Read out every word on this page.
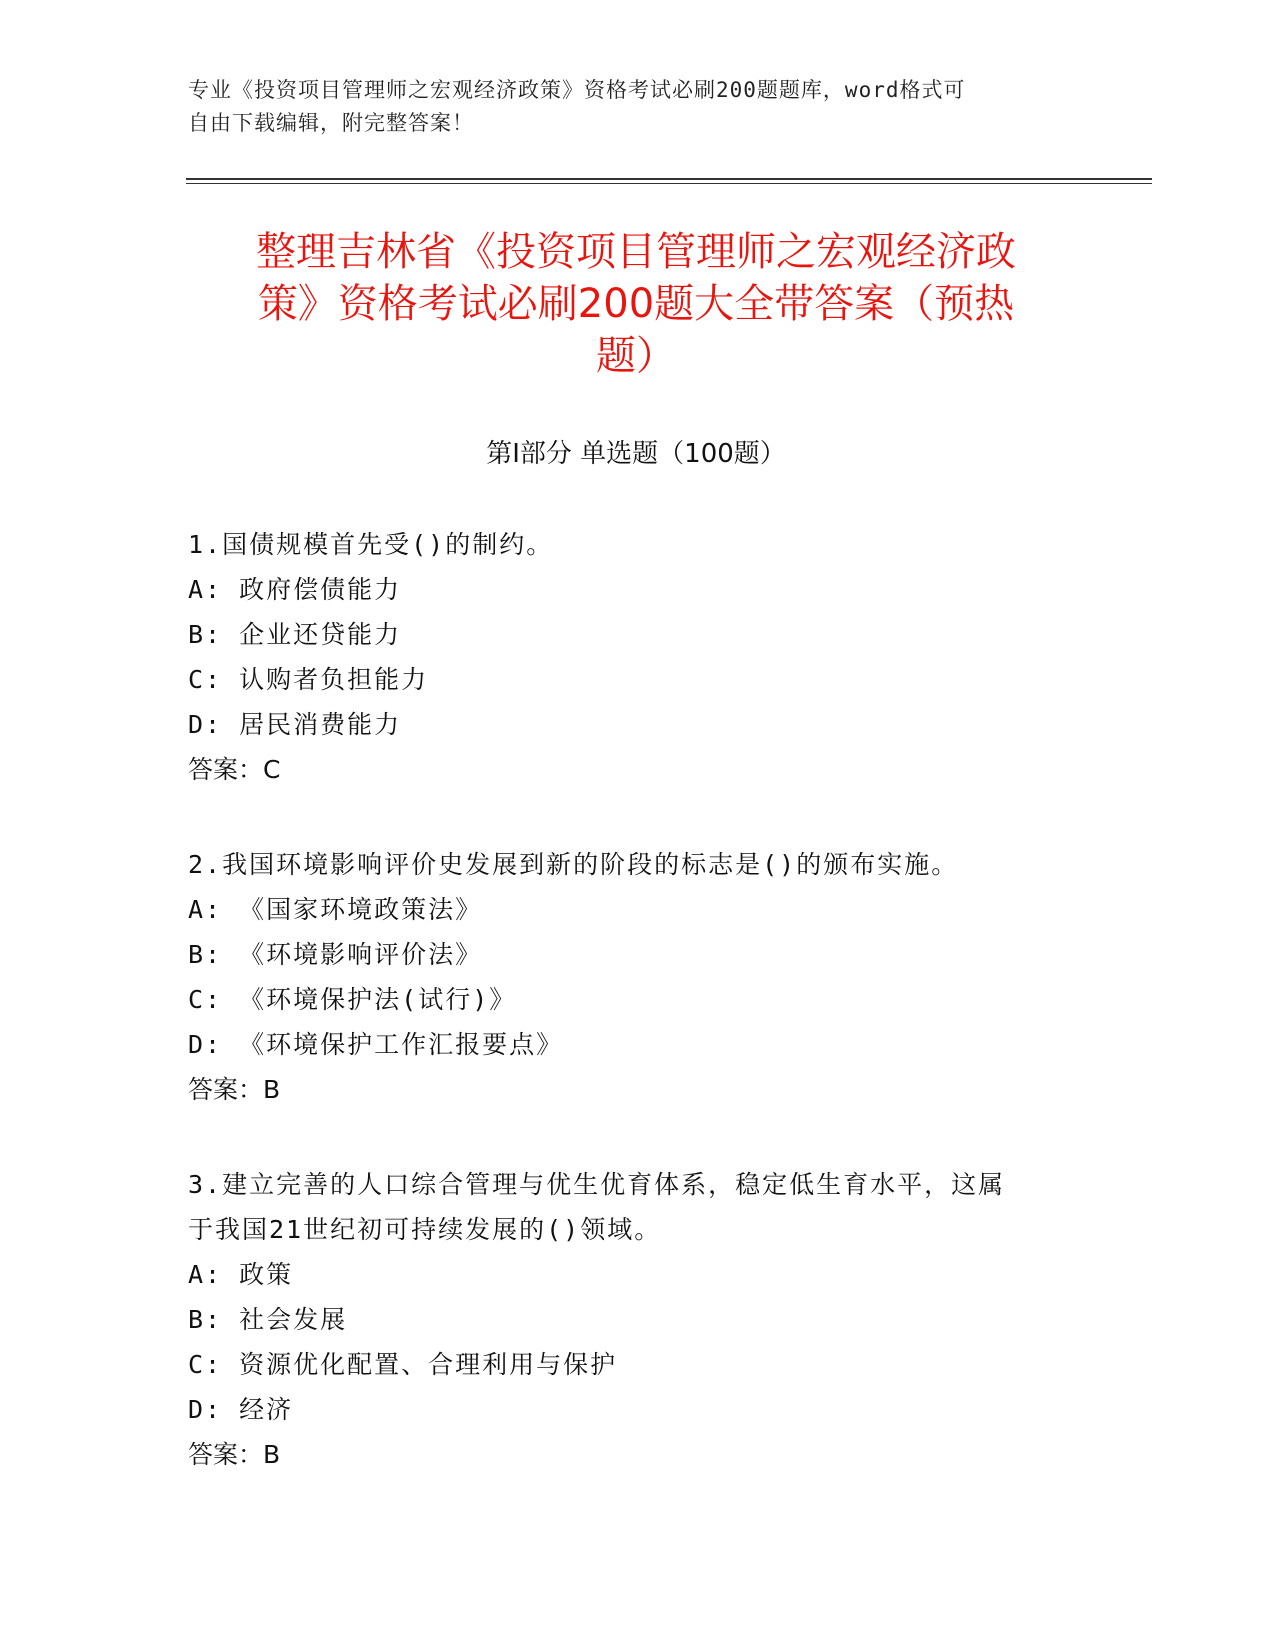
专业《投资项目管理师之宏观经济政策》资格考试必刷200题题库，word格式可
自由下载编辑，附完整答案！
整理吉林省《投资项目管理师之宏观经济政
策》资格考试必刷200题大全带答案（预热
题）
第Ⅰ部分 单选题（100题）
1.国债规模首先受()的制约。
A: 政府偿债能力
B: 企业还贷能力
C: 认购者负担能力
D: 居民消费能力
答案：C
2.我国环境影响评价史发展到新的阶段的标志是()的颁布实施。
A: 《国家环境政策法》
B: 《环境影响评价法》
C: 《环境保护法(试行)》
D: 《环境保护工作汇报要点》
答案：B
3.建立完善的人口综合管理与优生优育体系，稳定低生育水平，这属
于我国21世纪初可持续发展的()领域。
A: 政策
B: 社会发展
C: 资源优化配置、合理利用与保护
D: 经济
答案：B
